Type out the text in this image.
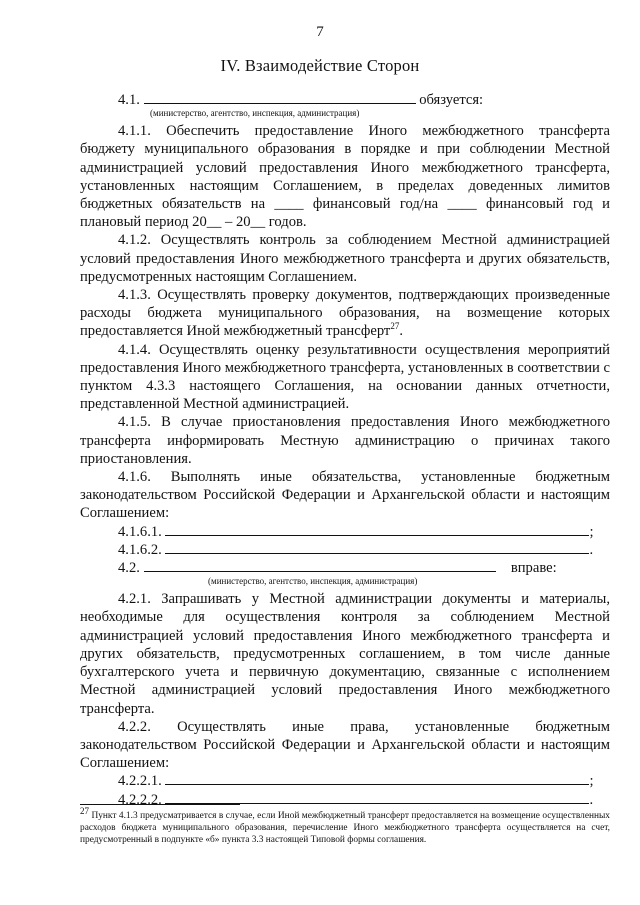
7
IV. Взаимодействие Сторон

4.1.	обязуется:

(министерство, агентство, инспекция, администрация)

4.1.1. Обеспечить предоставление Иного межбюджетного трансферта бюджету муниципального образования в порядке и при соблюдении Местной администрацией условий предоставления Иного межбюджетного трансферта, установленных настоящим Соглашением, в пределах доведенных лимитов бюджетных обязательств на ____ финансовый год/на ____ финансовый год и плановый период 20__ – 20__ годов.

4.1.2. Осуществлять контроль за соблюдением Местной администрацией условий предоставления Иного межбюджетного трансферта и других обязательств, предусмотренных настоящим Соглашением.

4.1.3. Осуществлять проверку документов, подтверждающих произведенные расходы бюджета муниципального образования, на возмещение которых предоставляется Иной межбюджетный трансферт$^{27}$.

4.1.4. Осуществлять оценку результативности осуществления мероприятий предоставления Иного межбюджетного трансферта, установленных в соответствии с пунктом 4.3.3 настоящего Соглашения, на основании данных отчетности, представленной Местной администрацией.

4.1.5. В случае приостановления предоставления Иного межбюджетного трансферта информировать Местную администрацию о причинах такого приостановления.

4.1.6. Выполнять иные обязательства, установленные бюджетным законодательством Российской Федерации и Архангельской области и настоящим Соглашением:

4.1.6.1.	;

4.1.6.2.	.

4.2.	вправе:

(министерство, агентство, инспекция, администрация)

4.2.1. Запрашивать у Местной администрации документы и материалы, необходимые для осуществления контроля за соблюдением Местной администрацией условий предоставления Иного межбюджетного трансферта и других обязательств, предусмотренных соглашением, в том числе данные бухгалтерского учета и первичную документацию, связанные с исполнением Местной администрацией условий предоставления Иного межбюджетного трансферта.

4.2.2. Осуществлять иные права, установленные бюджетным законодательством Российской Федерации и Архангельской области и настоящим Соглашением:

4.2.2.1.	;

4.2.2.2.	.

$^{27}$ Пункт 4.1.3 предусматривается в случае, если Иной межбюджетный трансферт предоставляется на возмещение осуществленных расходов бюджета муниципального образования, перечисление Иного межбюджетного трансферта осуществляется на счет, предусмотренный в подпункте «б» пункта 3.3 настоящей Типовой формы соглашения.
